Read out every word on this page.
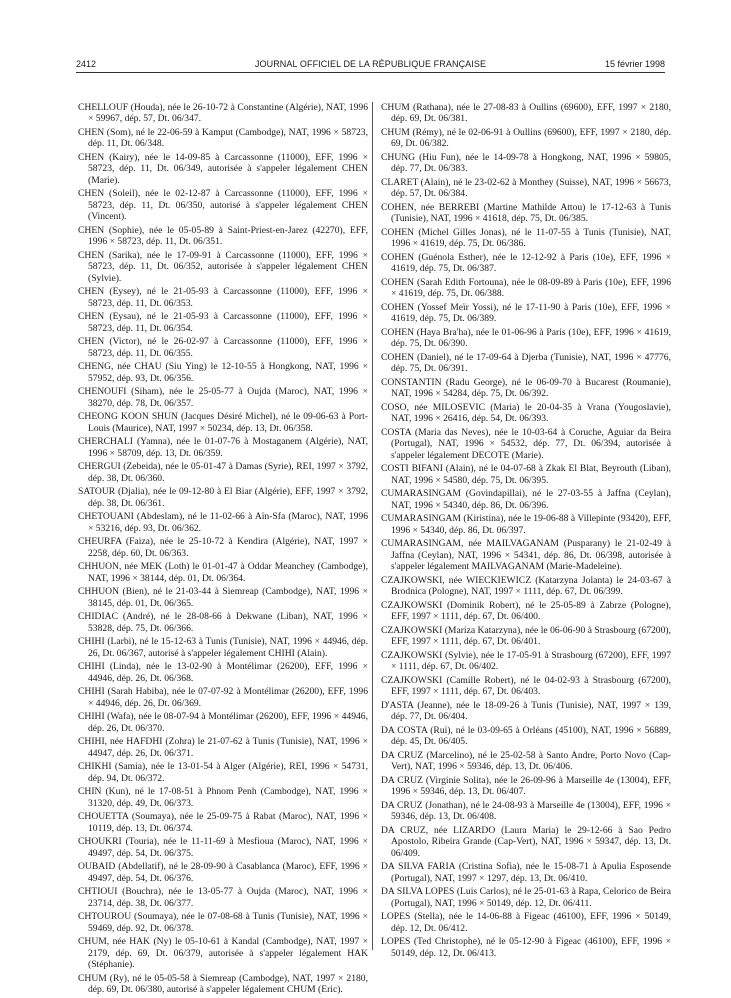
2412	JOURNAL OFFICIEL DE LA RÉPUBLIQUE FRANÇAISE	15 février 1998

CHELLOUF (Houda), née le 26-10-72 à Constantine (Algérie), NAT, 1996 × 59967, dép. 57, Dt. 06/347.

CHEN (Som), né le 22-06-59 à Kamput (Cambodge), NAT, 1996 × 58723, dép. 11, Dt. 06/348.

CHEN (Kairy), née le 14-09-85 à Carcassonne (11000), EFF, 1996 × 58723, dép. 11, Dt. 06/349, autorisée à s'appeler légalement CHEN (Marie).

CHEN (Soleil), née le 02-12-87 à Carcassonne (11000), EFF, 1996 × 58723, dép. 11, Dt. 06/350, autorisé à s'appeler légalement CHEN (Vincent).

CHEN (Sophie), née le 05-05-89 à Saint-Priest-en-Jarez (42270), EFF, 1996 × 58723, dép. 11, Dt. 06/351.

CHEN (Sarika), née le 17-09-91 à Carcassonne (11000), EFF, 1996 × 58723, dép. 11, Dt. 06/352, autorisée à s'appeler légalement CHEN (Sylvie).

CHEN (Eysey), né le 21-05-93 à Carcassonne (11000), EFF, 1996 × 58723, dép. 11, Dt. 06/353.

CHEN (Eysau), né le 21-05-93 à Carcassonne (11000), EFF, 1996 × 58723, dép. 11, Dt. 06/354.

CHEN (Victor), né le 26-02-97 à Carcassonne (11000), EFF, 1996 × 58723, dép. 11, Dt. 06/355.

CHENG, née CHAU (Siu Ying) le 12-10-55 à Hongkong, NAT, 1996 × 57952, dép. 93, Dt. 06/356.

CHENOUFI (Siham), née le 25-05-77 à Oujda (Maroc), NAT, 1996 × 38270, dép. 78, Dt. 06/357.

CHEONG KOON SHUN (Jacques Désiré Michel), né le 09-06-63 à Port-Louis (Maurice), NAT, 1997 × 50234, dép. 13, Dt. 06/358.

CHERCHALI (Yamna), née le 01-07-76 à Mostaganem (Algérie), NAT, 1996 × 58709, dép. 13, Dt. 06/359.

CHERGUI (Zebeida), née le 05-01-47 à Damas (Syrie), REI, 1997 × 3792, dép. 38, Dt. 06/360.

SATOUR (Djalia), née le 09-12-80 à El Biar (Algérie), EFF, 1997 × 3792, dép. 38, Dt. 06/361.

CHETOUANI (Abdeslam), né le 11-02-66 à Aïn-Sfa (Maroc), NAT, 1996 × 53216, dép. 93, Dt. 06/362.

CHEURFA (Faiza), née le 25-10-72 à Kendira (Algérie), NAT, 1997 × 2258, dép. 60, Dt. 06/363.

CHHUON, née MEK (Loth) le 01-01-47 à Oddar Meanchey (Cambodge), NAT, 1996 × 38144, dép. 01, Dt. 06/364.

CHHUON (Bien), né le 21-03-44 à Siemreap (Cambodge), NAT, 1996 × 38145, dép. 01, Dt. 06/365.

CHIDIAC (André), né le 28-08-66 à Dekwane (Liban), NAT, 1996 × 53828, dép. 75, Dt. 06/366.

CHIHI (Larbi), né le 15-12-63 à Tunis (Tunisie), NAT, 1996 × 44946, dép. 26, Dt. 06/367, autorisé à s'appeler légalement CHIHI (Alain).

CHIHI (Linda), née le 13-02-90 à Montélimar (26200), EFF, 1996 × 44946, dép. 26, Dt. 06/368.

CHIHI (Sarah Habiba), née le 07-07-92 à Montélimar (26200), EFF, 1996 × 44946, dép. 26, Dt. 06/369.

CHIHI (Wafa), née le 08-07-94 à Montélimar (26200), EFF, 1996 × 44946, dép. 26, Dt. 06/370.

CHIHI, née HAFDHI (Zohra) le 21-07-62 à Tunis (Tunisie), NAT, 1996 × 44947, dép. 26, Dt. 06/371.

CHIKHI (Samia), née le 13-01-54 à Alger (Algérie), REI, 1996 × 54731, dép. 94, Dt. 06/372.

CHIN (Kun), né le 17-08-51 à Phnom Penh (Cambodge), NAT, 1996 × 31320, dép. 49, Dt. 06/373.

CHOUETTA (Soumaya), née le 25-09-75 à Rabat (Maroc), NAT, 1996 × 10119, dép. 13, Dt. 06/374.

CHOUKRI (Touria), née le 11-11-69 à Mesfioua (Maroc), NAT, 1996 × 49497, dép. 54, Dt. 06/375.

OUBAID (Abdellatif), né le 28-09-90 à Casablanca (Maroc), EFF, 1996 × 49497, dép. 54, Dt. 06/376.

CHTIOUI (Bouchra), née le 13-05-77 à Oujda (Maroc), NAT, 1996 × 23714, dép. 38, Dt. 06/377.

CHTOUROU (Soumaya), née le 07-08-68 à Tunis (Tunisie), NAT, 1996 × 59469, dép. 92, Dt. 06/378.

CHUM, née HAK (Ny) le 05-10-61 à Kandal (Cambodge), NAT, 1997 × 2179, dép. 69, Dt. 06/379, autorisée à s'appeler légalement HAK (Stéphanie).

CHUM (Ry), né le 05-05-58 à Siemreap (Cambodge), NAT, 1997 × 2180, dép. 69, Dt. 06/380, autorisé à s'appeler légalement CHUM (Eric).

CHUM (Rathana), née le 27-08-83 à Oullins (69600), EFF, 1997 × 2180, dép. 69, Dt. 06/381.

CHUM (Rémy), né le 02-06-91 à Oullins (69600), EFF, 1997 × 2180, dép. 69, Dt. 06/382.

CHUNG (Hiu Fun), née le 14-09-78 à Hongkong, NAT, 1996 × 59805, dép. 77, Dt. 06/383.

CLARET (Alain), né le 23-02-62 à Monthey (Suisse), NAT, 1996 × 56673, dép. 57, Dt. 06/384.

COHEN, née BERREBI (Martine Mathilde Attou) le 17-12-63 à Tunis (Tunisie), NAT, 1996 × 41618, dép. 75, Dt. 06/385.

COHEN (Michel Gilles Jonas), né le 11-07-55 à Tunis (Tunisie), NAT, 1996 × 41619, dép. 75, Dt. 06/386.

COHEN (Guénola Esther), née le 12-12-92 à Paris (10e), EFF, 1996 × 41619, dép. 75, Dt. 06/387.

COHEN (Sarah Edith Fortouna), née le 08-09-89 à Paris (10e), EFF, 1996 × 41619, dép. 75, Dt. 06/388.

COHEN (Yossef Meïr Yossi), né le 17-11-90 à Paris (10e), EFF, 1996 × 41619, dép. 75, Dt. 06/389.

COHEN (Haya Bra'ha), née le 01-06-96 à Paris (10e), EFF, 1996 × 41619, dép. 75, Dt. 06/390.

COHEN (Daniel), né le 17-09-64 à Djerba (Tunisie), NAT, 1996 × 47776, dép. 75, Dt. 06/391.

CONSTANTIN (Radu George), né le 06-09-70 à Bucarest (Roumanie), NAT, 1996 × 54284, dép. 75, Dt. 06/392.

COSO, née MILOSEVIC (Maria) le 20-04-35 à Vrana (Yougoslavie), NAT, 1996 × 26416, dép. 54, Dt. 06/393.

COSTA (Maria das Neves), née le 10-03-64 à Coruche, Aguiar da Beira (Portugal), NAT, 1996 × 54532, dép. 77, Dt. 06/394, autorisée à s'appeler légalement DECOTE (Marie).

COSTI BIFANI (Alain), né le 04-07-68 à Zkak El Blat, Beyrouth (Liban), NAT, 1996 × 54580, dép. 75, Dt. 06/395.

CUMARASINGAM (Govindapillai), né le 27-03-55 à Jaffna (Ceylan), NAT, 1996 × 54340, dép. 86, Dt. 06/396.

CUMARASINGAM (Kiristina), née le 19-06-88 à Villepinte (93420), EFF, 1996 × 54340, dép. 86, Dt. 06/397.

CUMARASINGAM, née MAILVAGANAM (Pusparany) le 21-02-49 à Jaffna (Ceylan), NAT, 1996 × 54341, dép. 86, Dt. 06/398, autorisée à s'appeler légalement MAILVAGANAM (Marie-Madeleine).

CZAJKOWSKI, née WIECKIEWICZ (Katarzyna Jolanta) le 24-03-67 à Brodnica (Pologne), NAT, 1997 × 1111, dép. 67, Dt. 06/399.

CZAJKOWSKI (Dominik Robert), né le 25-05-89 à Zabrze (Pologne), EFF, 1997 × 1111, dép. 67, Dt. 06/400.

CZAJKOWSKI (Mariza Katarzyna), née le 06-06-90 à Strasbourg (67200), EFF, 1997 × 1111, dép. 67, Dt. 06/401.

CZAJKOWSKI (Sylvie), née le 17-05-91 à Strasbourg (67200), EFF, 1997 × 1111, dép. 67, Dt. 06/402.

CZAJKOWSKI (Camille Robert), né le 04-02-93 à Strasbourg (67200), EFF, 1997 × 1111, dép. 67, Dt. 06/403.

D'ASTA (Jeanne), née le 18-09-26 à Tunis (Tunisie), NAT, 1997 × 139, dép. 77, Dt. 06/404.

DA COSTA (Rui), né le 03-09-65 à Orléans (45100), NAT, 1996 × 56889, dép. 45, Dt. 06/405.

DA CRUZ (Marcelino), né le 25-02-58 à Santo Andre, Porto Novo (Cap-Vert), NAT, 1996 × 59346, dép. 13, Dt. 06/406.

DA CRUZ (Virginie Solita), née le 26-09-96 à Marseille 4e (13004), EFF, 1996 × 59346, dép. 13, Dt. 06/407.

DA CRUZ (Jonathan), né le 24-08-93 à Marseille 4e (13004), EFF, 1996 × 59346, dép. 13, Dt. 06/408.

DA CRUZ, née LIZARDO (Laura Maria) le 29-12-66 à Sao Pedro Apostolo, Ribeira Grande (Cap-Vert), NAT, 1996 × 59347, dép. 13, Dt. 06/409.

DA SILVA FARIA (Cristina Sofia), née le 15-08-71 à Apulia Esposende (Portugal), NAT, 1997 × 1297, dép. 13, Dt. 06/410.

DA SILVA LOPES (Luis Carlos), né le 25-01-63 à Rapa, Celorico de Beira (Portugal), NAT, 1996 × 50149, dép. 12, Dt. 06/411.

LOPES (Stella), née le 14-06-88 à Figeac (46100), EFF, 1996 × 50149, dép. 12, Dt. 06/412.

LOPES (Ted Christophe), né le 05-12-90 à Figeac (46100), EFF, 1996 × 50149, dép. 12, Dt. 06/413.
